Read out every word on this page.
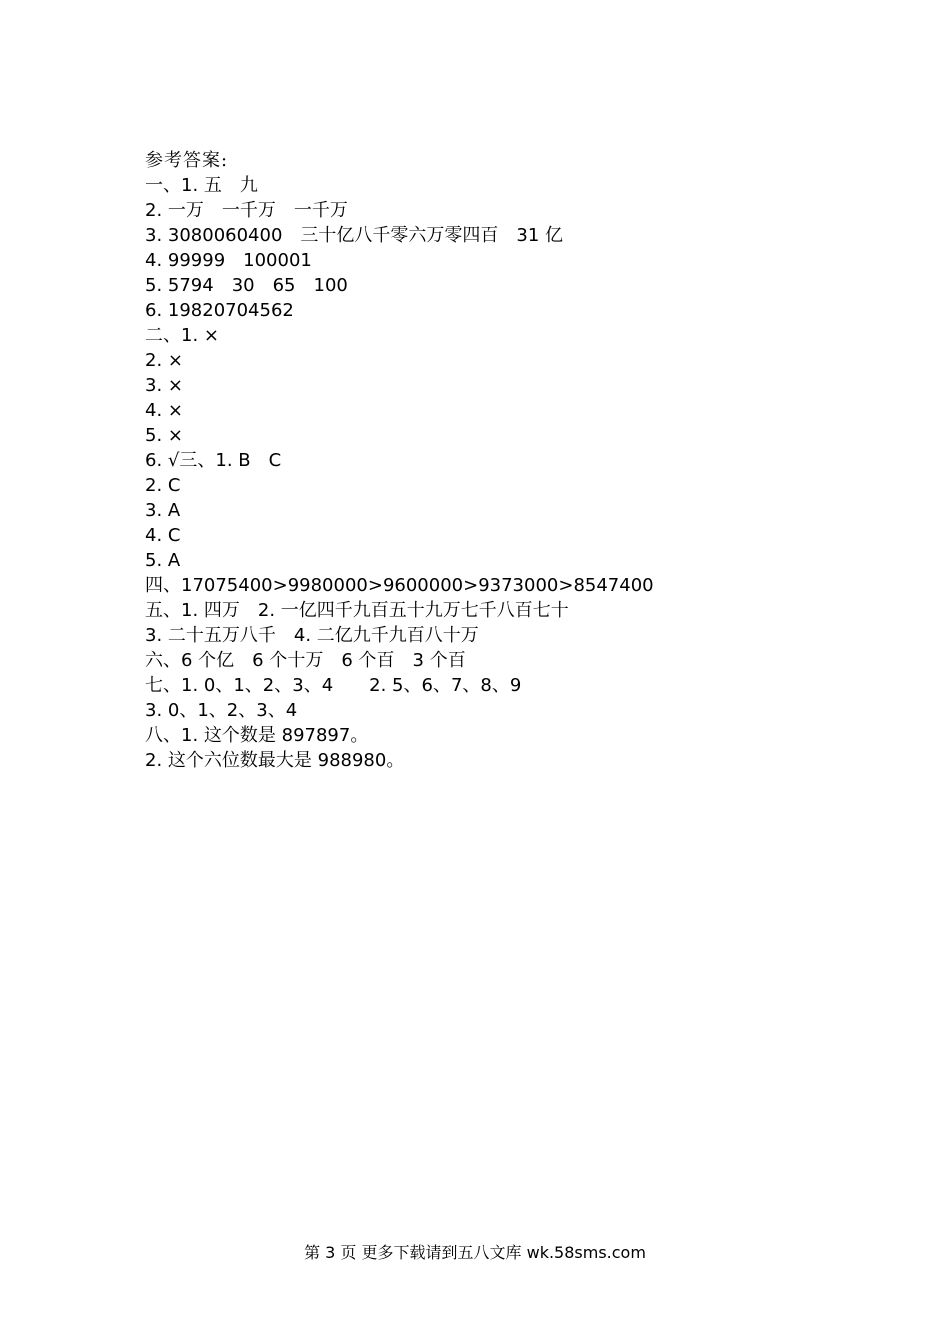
参考答案:
一、1. 五　九
2. 一万　一千万　一千万
3. 3080060400　三十亿八千零六万零四百　31 亿
4. 99999　100001
5. 5794　30　65　100
6. 19820704562
二、1. ×
2. ×
3. ×
4. ×
5. ×
6. √三、1. B　C
2. C
3. A
4. C
5. A
四、17075400>9980000>9600000>9373000>8547400
五、1. 四万　2. 一亿四千九百五十九万七千八百七十
3. 二十五万八千　4. 二亿九千九百八十万
六、6 个亿　6 个十万　6 个百　3 个百
七、1. 0、1、2、3、4　　2. 5、6、7、8、9
3. 0、1、2、3、4
八、1. 这个数是 897897。
2. 这个六位数最大是 988980。
第 3 页 更多下载请到五八文库 wk.58sms.com
